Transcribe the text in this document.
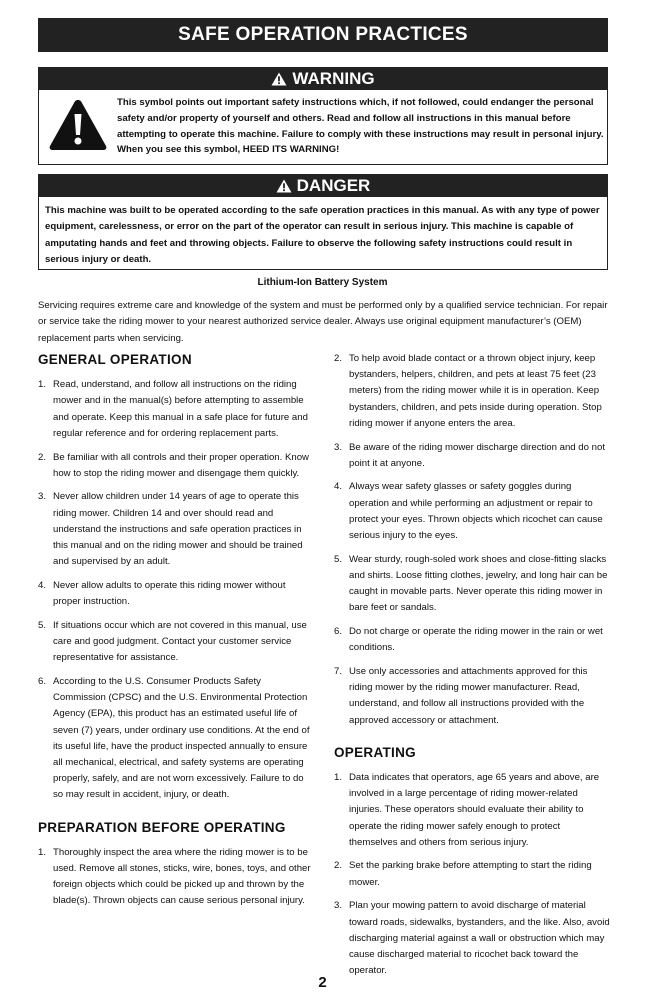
SAFE OPERATION PRACTICES
WARNING
This symbol points out important safety instructions which, if not followed, could endanger the personal safety and/or property of yourself and others. Read and follow all instructions in this manual before attempting to operate this machine. Failure to comply with these instructions may result in personal injury. When you see this symbol, HEED ITS WARNING!
DANGER
This machine was built to be operated according to the safe operation practices in this manual. As with any type of power equipment, carelessness, or error on the part of the operator can result in serious injury. This machine is capable of amputating hands and feet and throwing objects. Failure to observe the following safety instructions could result in serious injury or death.
Lithium-Ion Battery System
Servicing requires extreme care and knowledge of the system and must be performed only by a qualified service technician. For repair or service take the riding mower to your nearest authorized service dealer. Always use original equipment manufacturer’s (OEM) replacement parts when servicing.
GENERAL OPERATION
1. Read, understand, and follow all instructions on the riding mower and in the manual(s) before attempting to assemble and operate. Keep this manual in a safe place for future and regular reference and for ordering replacement parts.
2. Be familiar with all controls and their proper operation. Know how to stop the riding mower and disengage them quickly.
3. Never allow children under 14 years of age to operate this riding mower. Children 14 and over should read and understand the instructions and safe operation practices in this manual and on the riding mower and should be trained and supervised by an adult.
4. Never allow adults to operate this riding mower without proper instruction.
5. If situations occur which are not covered in this manual, use care and good judgment. Contact your customer service representative for assistance.
6. According to the U.S. Consumer Products Safety Commission (CPSC) and the U.S. Environmental Protection Agency (EPA), this product has an estimated useful life of seven (7) years, under ordinary use conditions. At the end of its useful life, have the product inspected annually to ensure all mechanical, electrical, and safety systems are operating properly, safely, and are not worn excessively. Failure to do so may result in accident, injury, or death.
PREPARATION BEFORE OPERATING
1. Thoroughly inspect the area where the riding mower is to be used. Remove all stones, sticks, wire, bones, toys, and other foreign objects which could be picked up and thrown by the blade(s). Thrown objects can cause serious personal injury.
2. To help avoid blade contact or a thrown object injury, keep bystanders, helpers, children, and pets at least 75 feet (23 meters) from the riding mower while it is in operation. Keep bystanders, children, and pets inside during operation. Stop riding mower if anyone enters the area.
3. Be aware of the riding mower discharge direction and do not point it at anyone.
4. Always wear safety glasses or safety goggles during operation and while performing an adjustment or repair to protect your eyes. Thrown objects which ricochet can cause serious injury to the eyes.
5. Wear sturdy, rough-soled work shoes and close-fitting slacks and shirts. Loose fitting clothes, jewelry, and long hair can be caught in movable parts. Never operate this riding mower in bare feet or sandals.
6. Do not charge or operate the riding mower in the rain or wet conditions.
7. Use only accessories and attachments approved for this riding mower by the riding mower manufacturer. Read, understand, and follow all instructions provided with the approved accessory or attachment.
OPERATING
1. Data indicates that operators, age 65 years and above, are involved in a large percentage of riding mower-related injuries. These operators should evaluate their ability to operate the riding mower safely enough to protect themselves and others from serious injury.
2. Set the parking brake before attempting to start the riding mower.
3. Plan your mowing pattern to avoid discharge of material toward roads, sidewalks, bystanders, and the like. Also, avoid discharging material against a wall or obstruction which may cause discharged material to ricochet back toward the operator.
2
